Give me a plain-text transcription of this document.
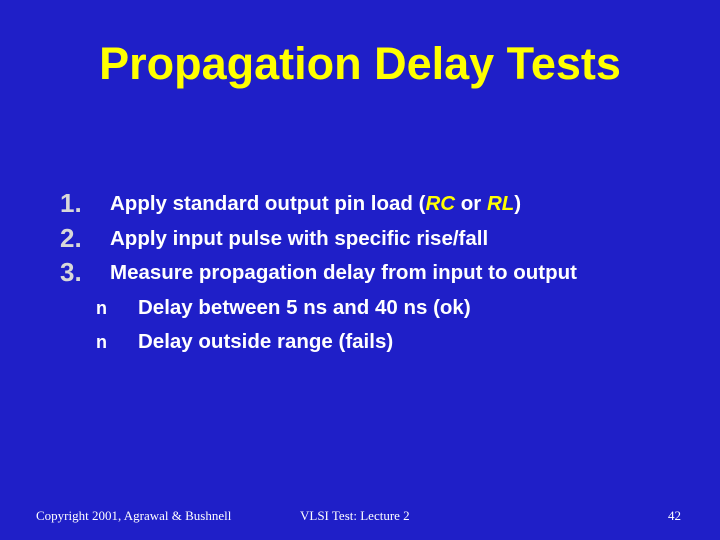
Propagation Delay Tests
1.	Apply standard output pin load (RC or RL)
2.	Apply input pulse with specific rise/fall
3.	Measure propagation delay from input to output
n Delay between 5 ns and 40 ns (ok)
n Delay outside range (fails)
Copyright 2001, Agrawal & Bushnell	VLSI Test: Lecture 2	42
